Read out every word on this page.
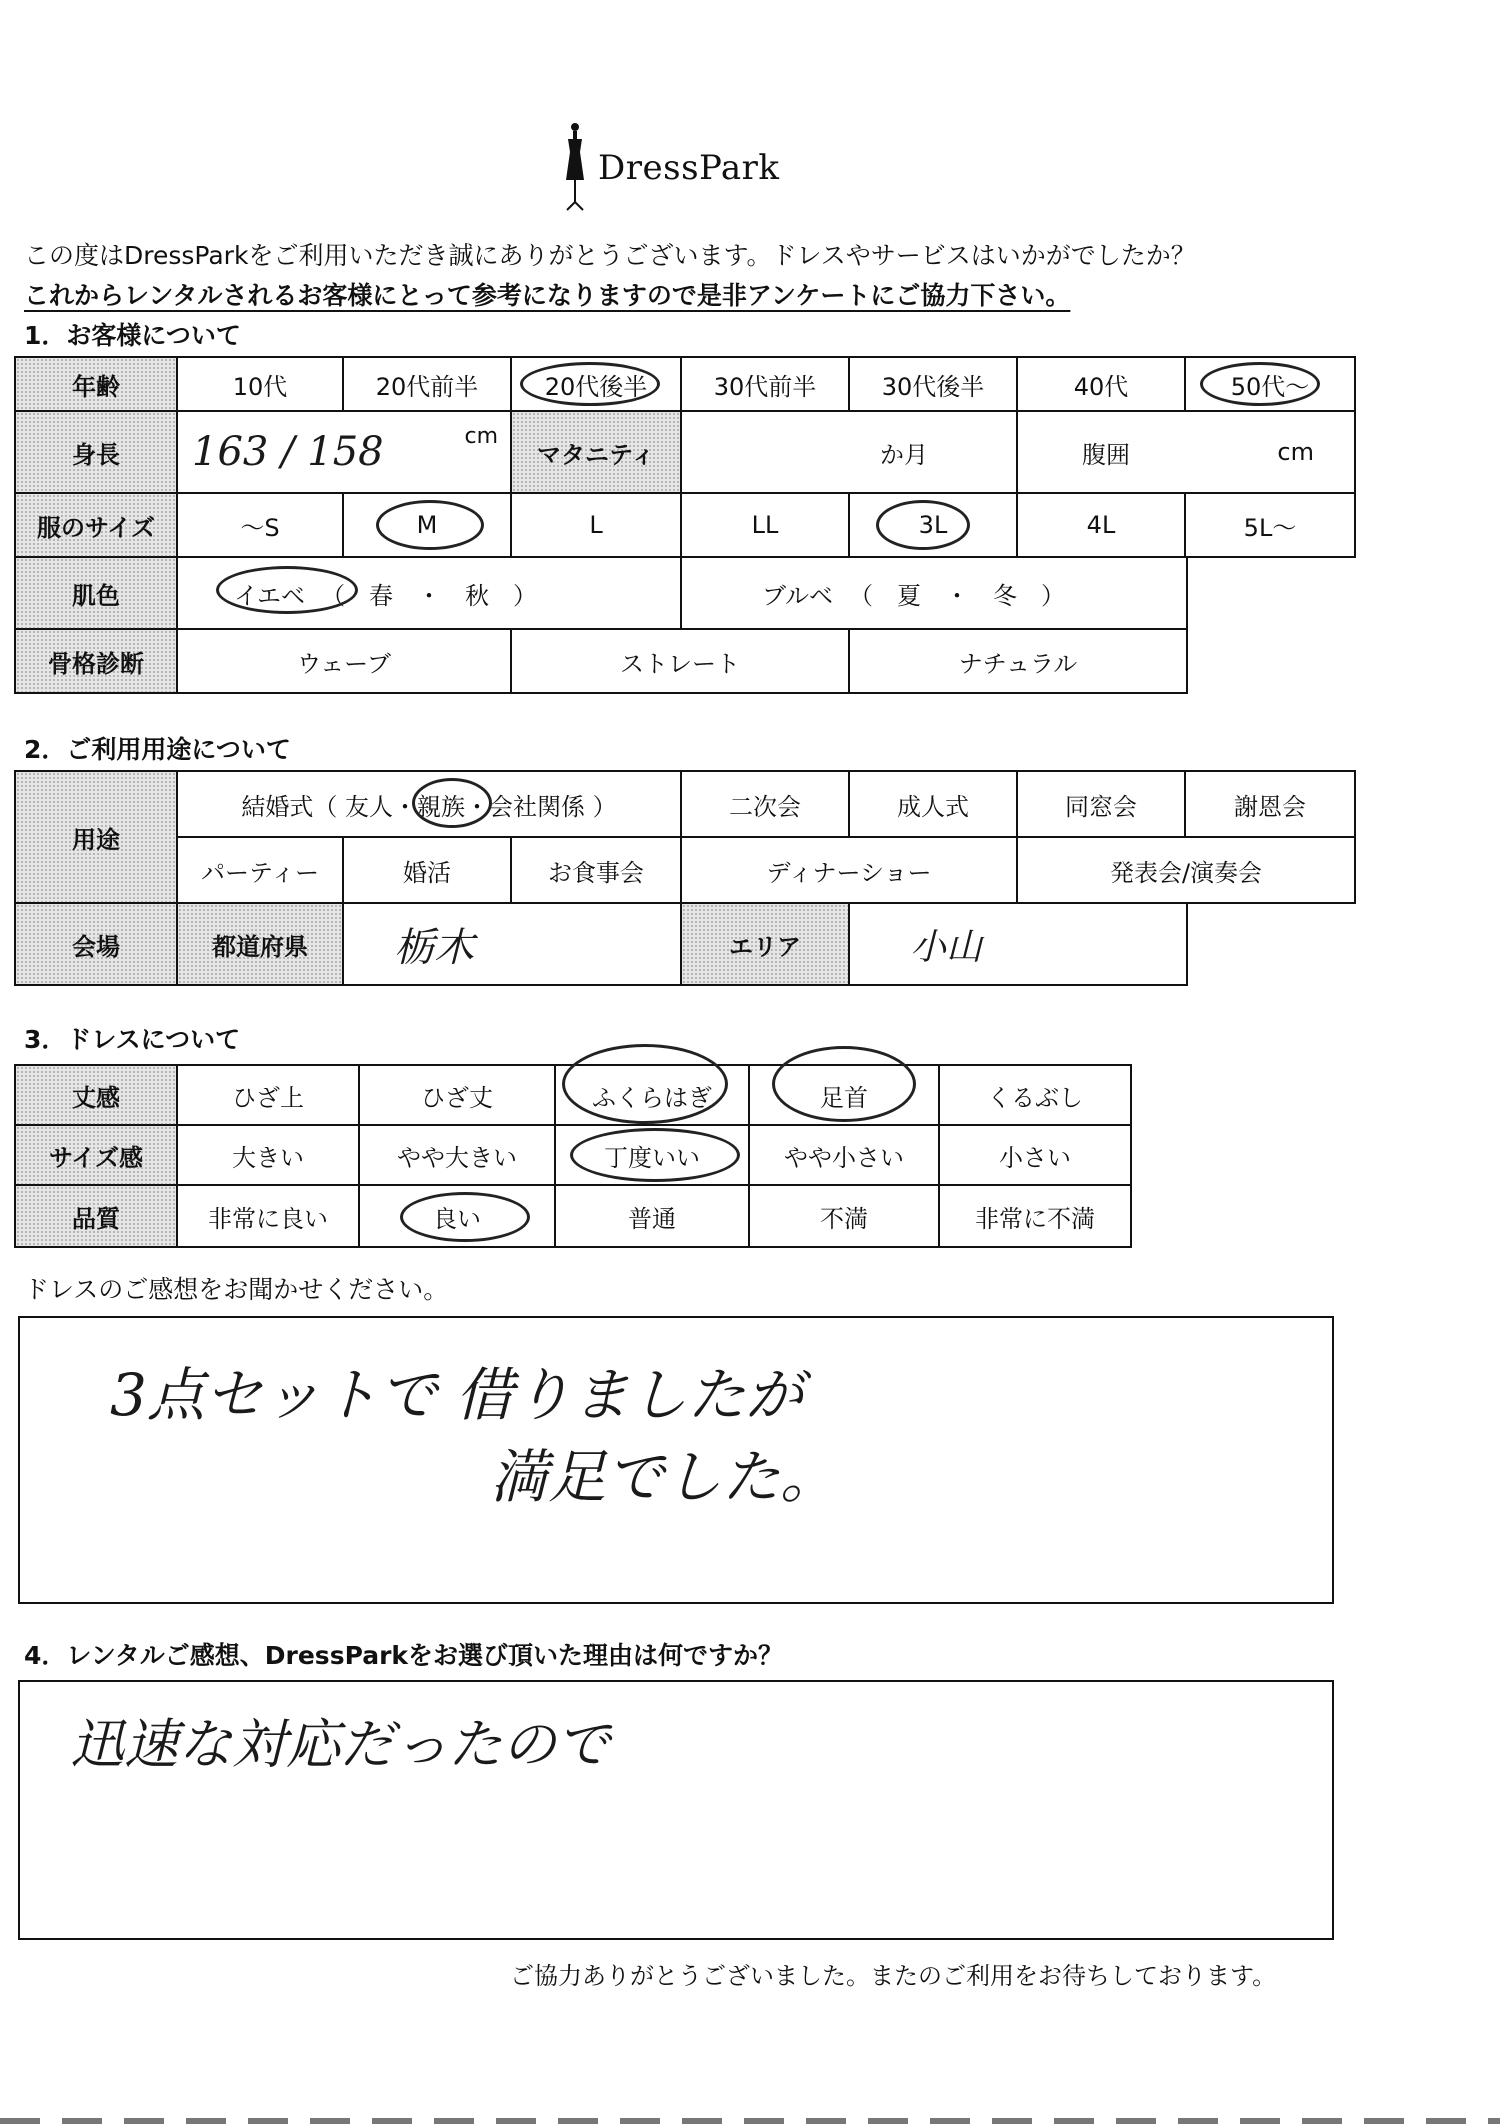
DressPark
この度はDressParkをご利用いただき誠にありがとうございます。ドレスやサービスはいかがでしたか？
これからレンタルされるお客様にとって参考になりますので是非アンケートにご協力下さい。
1．お客様について
年齢	10代	20代前半	20代後半	30代前半	30代後半	40代	50代～
身長	163 / 158	cm
マタニティ	か月	腹囲	cm
服のサイズ	～S	M	L	LL	3L	4L	5L～
肌色	イエベ （　春　・　秋　）	ブルベ （　夏　・　冬　）
骨格診断	ウェーブ	ストレート	ナチュラル
2．ご利用用途について
用途
結婚式（ 友人・親族・会社関係 ）	二次会	成人式	同窓会	謝恩会
パーティー	婚活	お食事会	ディナーショー	発表会/演奏会
会場	都道府県	栃木	エリア	小山
3．ドレスについて
丈感	ひざ上	ひざ丈	ふくらはぎ	足首	くるぶし
サイズ感	大きい	やや大きい	丁度いい	やや小さい	小さい
品質	非常に良い	良い	普通	不満	非常に不満
ドレスのご感想をお聞かせください。
3点セットで 借りましたが
満足でした。
4．レンタルご感想、DressParkをお選び頂いた理由は何ですか？
迅速な対応だったので
ご協力ありがとうございました。またのご利用をお待ちしております。
